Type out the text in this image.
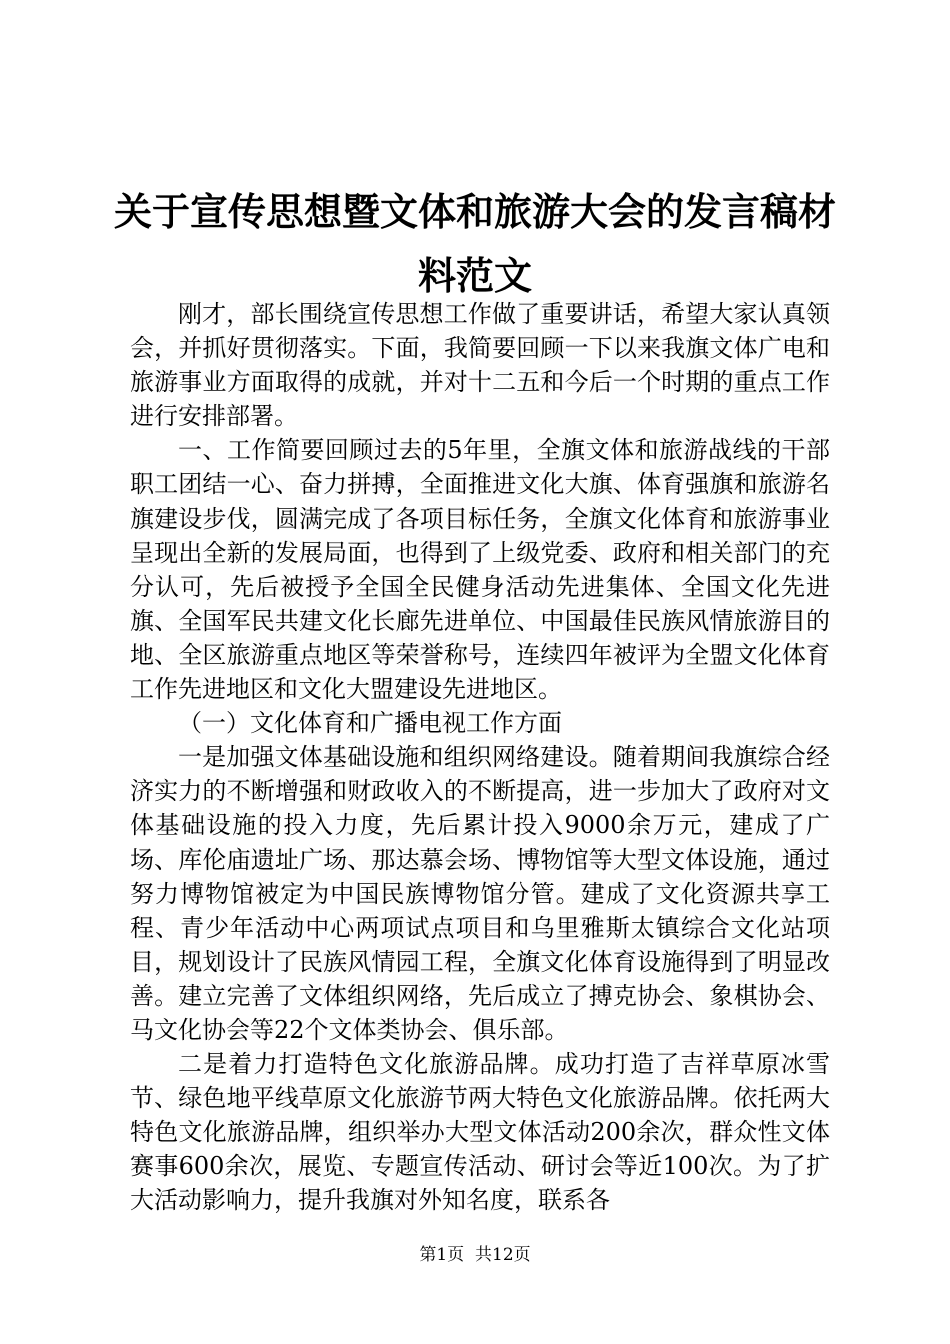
关于宣传思想暨文体和旅游大会的发言稿材料范文

刚才，部长围绕宣传思想工作做了重要讲话，希望大家认真领会，并抓好贯彻落实。下面，我简要回顾一下以来我旗文体广电和旅游事业方面取得的成就，并对十二五和今后一个时期的重点工作进行安排部署。

一、工作简要回顾过去的5年里，全旗文体和旅游战线的干部职工团结一心、奋力拼搏，全面推进文化大旗、体育强旗和旅游名旗建设步伐，圆满完成了各项目标任务，全旗文化体育和旅游事业呈现出全新的发展局面，也得到了上级党委、政府和相关部门的充分认可，先后被授予全国全民健身活动先进集体、全国文化先进旗、全国军民共建文化长廊先进单位、中国最佳民族风情旅游目的地、全区旅游重点地区等荣誉称号，连续四年被评为全盟文化体育工作先进地区和文化大盟建设先进地区。

（一）文化体育和广播电视工作方面

一是加强文体基础设施和组织网络建设。随着期间我旗综合经济实力的不断增强和财政收入的不断提高，进一步加大了政府对文体基础设施的投入力度，先后累计投入9000余万元，建成了广场、库伦庙遗址广场、那达慕会场、博物馆等大型文体设施，通过努力博物馆被定为中国民族博物馆分管。建成了文化资源共享工程、青少年活动中心两项试点项目和乌里雅斯太镇综合文化站项目，规划设计了民族风情园工程，全旗文化体育设施得到了明显改善。建立完善了文体组织网络，先后成立了搏克协会、象棋协会、马文化协会等22个文体类协会、俱乐部。

二是着力打造特色文化旅游品牌。成功打造了吉祥草原冰雪节、绿色地平线草原文化旅游节两大特色文化旅游品牌。依托两大特色文化旅游品牌，组织举办大型文体活动200余次，群众性文体赛事600余次，展览、专题宣传活动、研讨会等近100次。为了扩大活动影响力，提升我旗对外知名度，联系各

第1页 共12页
